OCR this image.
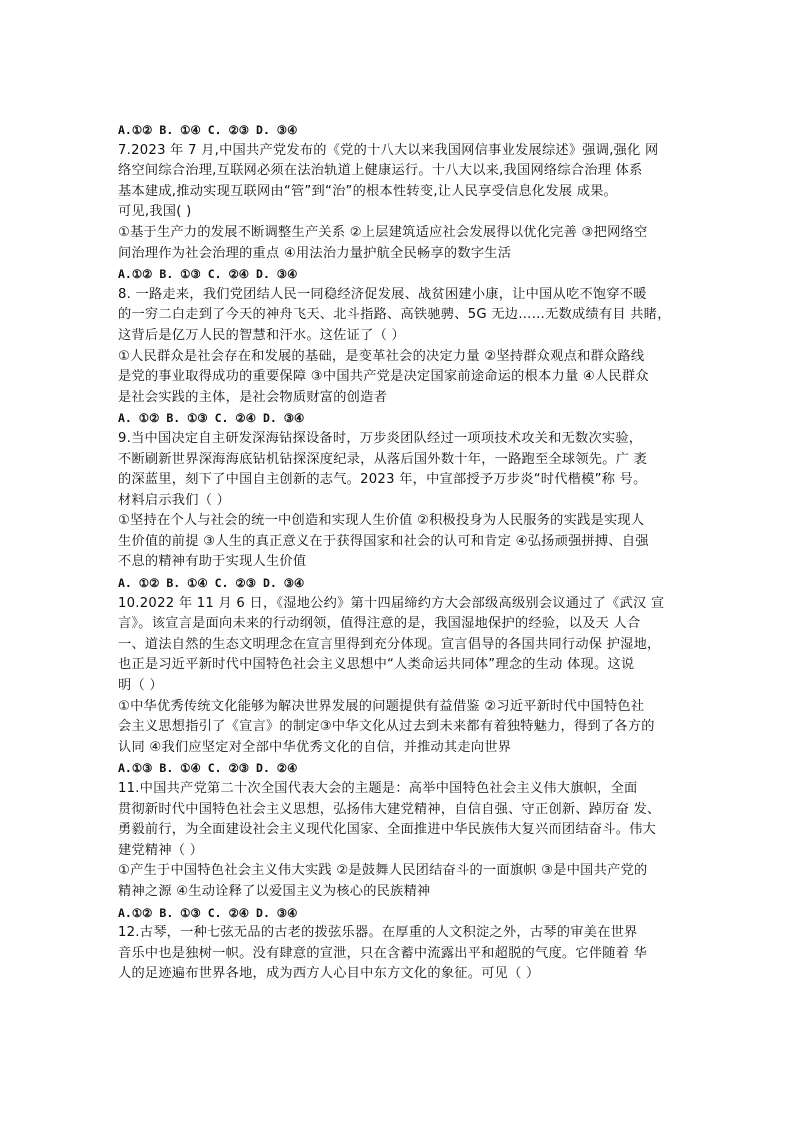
A.①② B. ①④ C. ②③ D. ③④
7.2023 年 7 月,中国共产党发布的《党的十八大以来我国网信事业发展综述》强调,强化 网
络空间综合治理,互联网必须在法治轨道上健康运行。十八大以来,我国网络综合治理 体系
基本建成,推动实现互联网由“管”到“治”的根本性转变,让人民享受信息化发展 成果。
可见,我国( )
①基于生产力的发展不断调整生产关系 ②上层建筑适应社会发展得以优化完善 ③把网络空
间治理作为社会治理的重点 ④用法治力量护航全民畅享的数字生活
A.①② B. ①③ C. ②④ D. ③④
8. 一路走来，我们党团结人民一同稳经济促发展、战贫困建小康，让中国从吃不饱穿不暖
的一穷二白走到了今天的神舟飞天、北斗指路、高铁驰骋、5G 无边……无数成绩有目 共睹，
这背后是亿万人民的智慧和汗水。这佐证了（ ）
①人民群众是社会存在和发展的基础，是变革社会的决定力量 ②坚持群众观点和群众路线
是党的事业取得成功的重要保障 ③中国共产党是决定国家前途命运的根本力量 ④人民群众
是社会实践的主体，是社会物质财富的创造者
A. ①② B. ①③ C. ②④ D. ③④
9.当中国决定自主研发深海钻探设备时，万步炎团队经过一项项技术攻关和无数次实验，
不断刷新世界深海海底钻机钻探深度纪录，从落后国外数十年，一路跑至全球领先。广 袤
的深蓝里，刻下了中国自主创新的志气。2023 年，中宣部授予万步炎“时代楷模”称 号。
材料启示我们（ ）
①坚持在个人与社会的统一中创造和实现人生价值 ②积极投身为人民服务的实践是实现人
生价值的前提 ③人生的真正意义在于获得国家和社会的认可和肯定 ④弘扬顽强拼搏、自强
不息的精神有助于实现人生价值
A. ①② B. ①④ C. ②③ D. ③④
10.2022 年 11 月 6 日，《湿地公约》第十四届缔约方大会部级高级别会议通过了《武汉 宣
言》。该宣言是面向未来的行动纲领，值得注意的是，我国湿地保护的经验，以及天 人合
一、道法自然的生态文明理念在宣言里得到充分体现。宣言倡导的各国共同行动保 护湿地，
也正是习近平新时代中国特色社会主义思想中“人类命运共同体”理念的生动 体现。这说
明（ ）
①中华优秀传统文化能够为解决世界发展的问题提供有益借鉴 ②习近平新时代中国特色社
会主义思想指引了《宣言》的制定③中华文化从过去到未来都有着独特魅力，得到了各方的
认同 ④我们应坚定对全部中华优秀文化的自信，并推动其走向世界
A.①③ B. ①④ C. ②③ D. ②④
11.中国共产党第二十次全国代表大会的主题是：高举中国特色社会主义伟大旗帜，全面
贯彻新时代中国特色社会主义思想，弘扬伟大建党精神，自信自强、守正创新、踔厉奋 发、
勇毅前行，为全面建设社会主义现代化国家、全面推进中华民族伟大复兴而团结奋斗。伟大
建党精神（ ）
①产生于中国特色社会主义伟大实践 ②是鼓舞人民团结奋斗的一面旗帜 ③是中国共产党的
精神之源 ④生动诠释了以爱国主义为核心的民族精神
A.①② B. ①③ C. ②④ D. ③④
12.古琴，一种七弦无品的古老的拨弦乐器。在厚重的人文积淀之外，古琴的审美在世界
音乐中也是独树一帜。没有肆意的宣泄，只在含蓄中流露出平和超脱的气度。它伴随着 华
人的足迹遍布世界各地，成为西方人心目中东方文化的象征。可见（ ）
